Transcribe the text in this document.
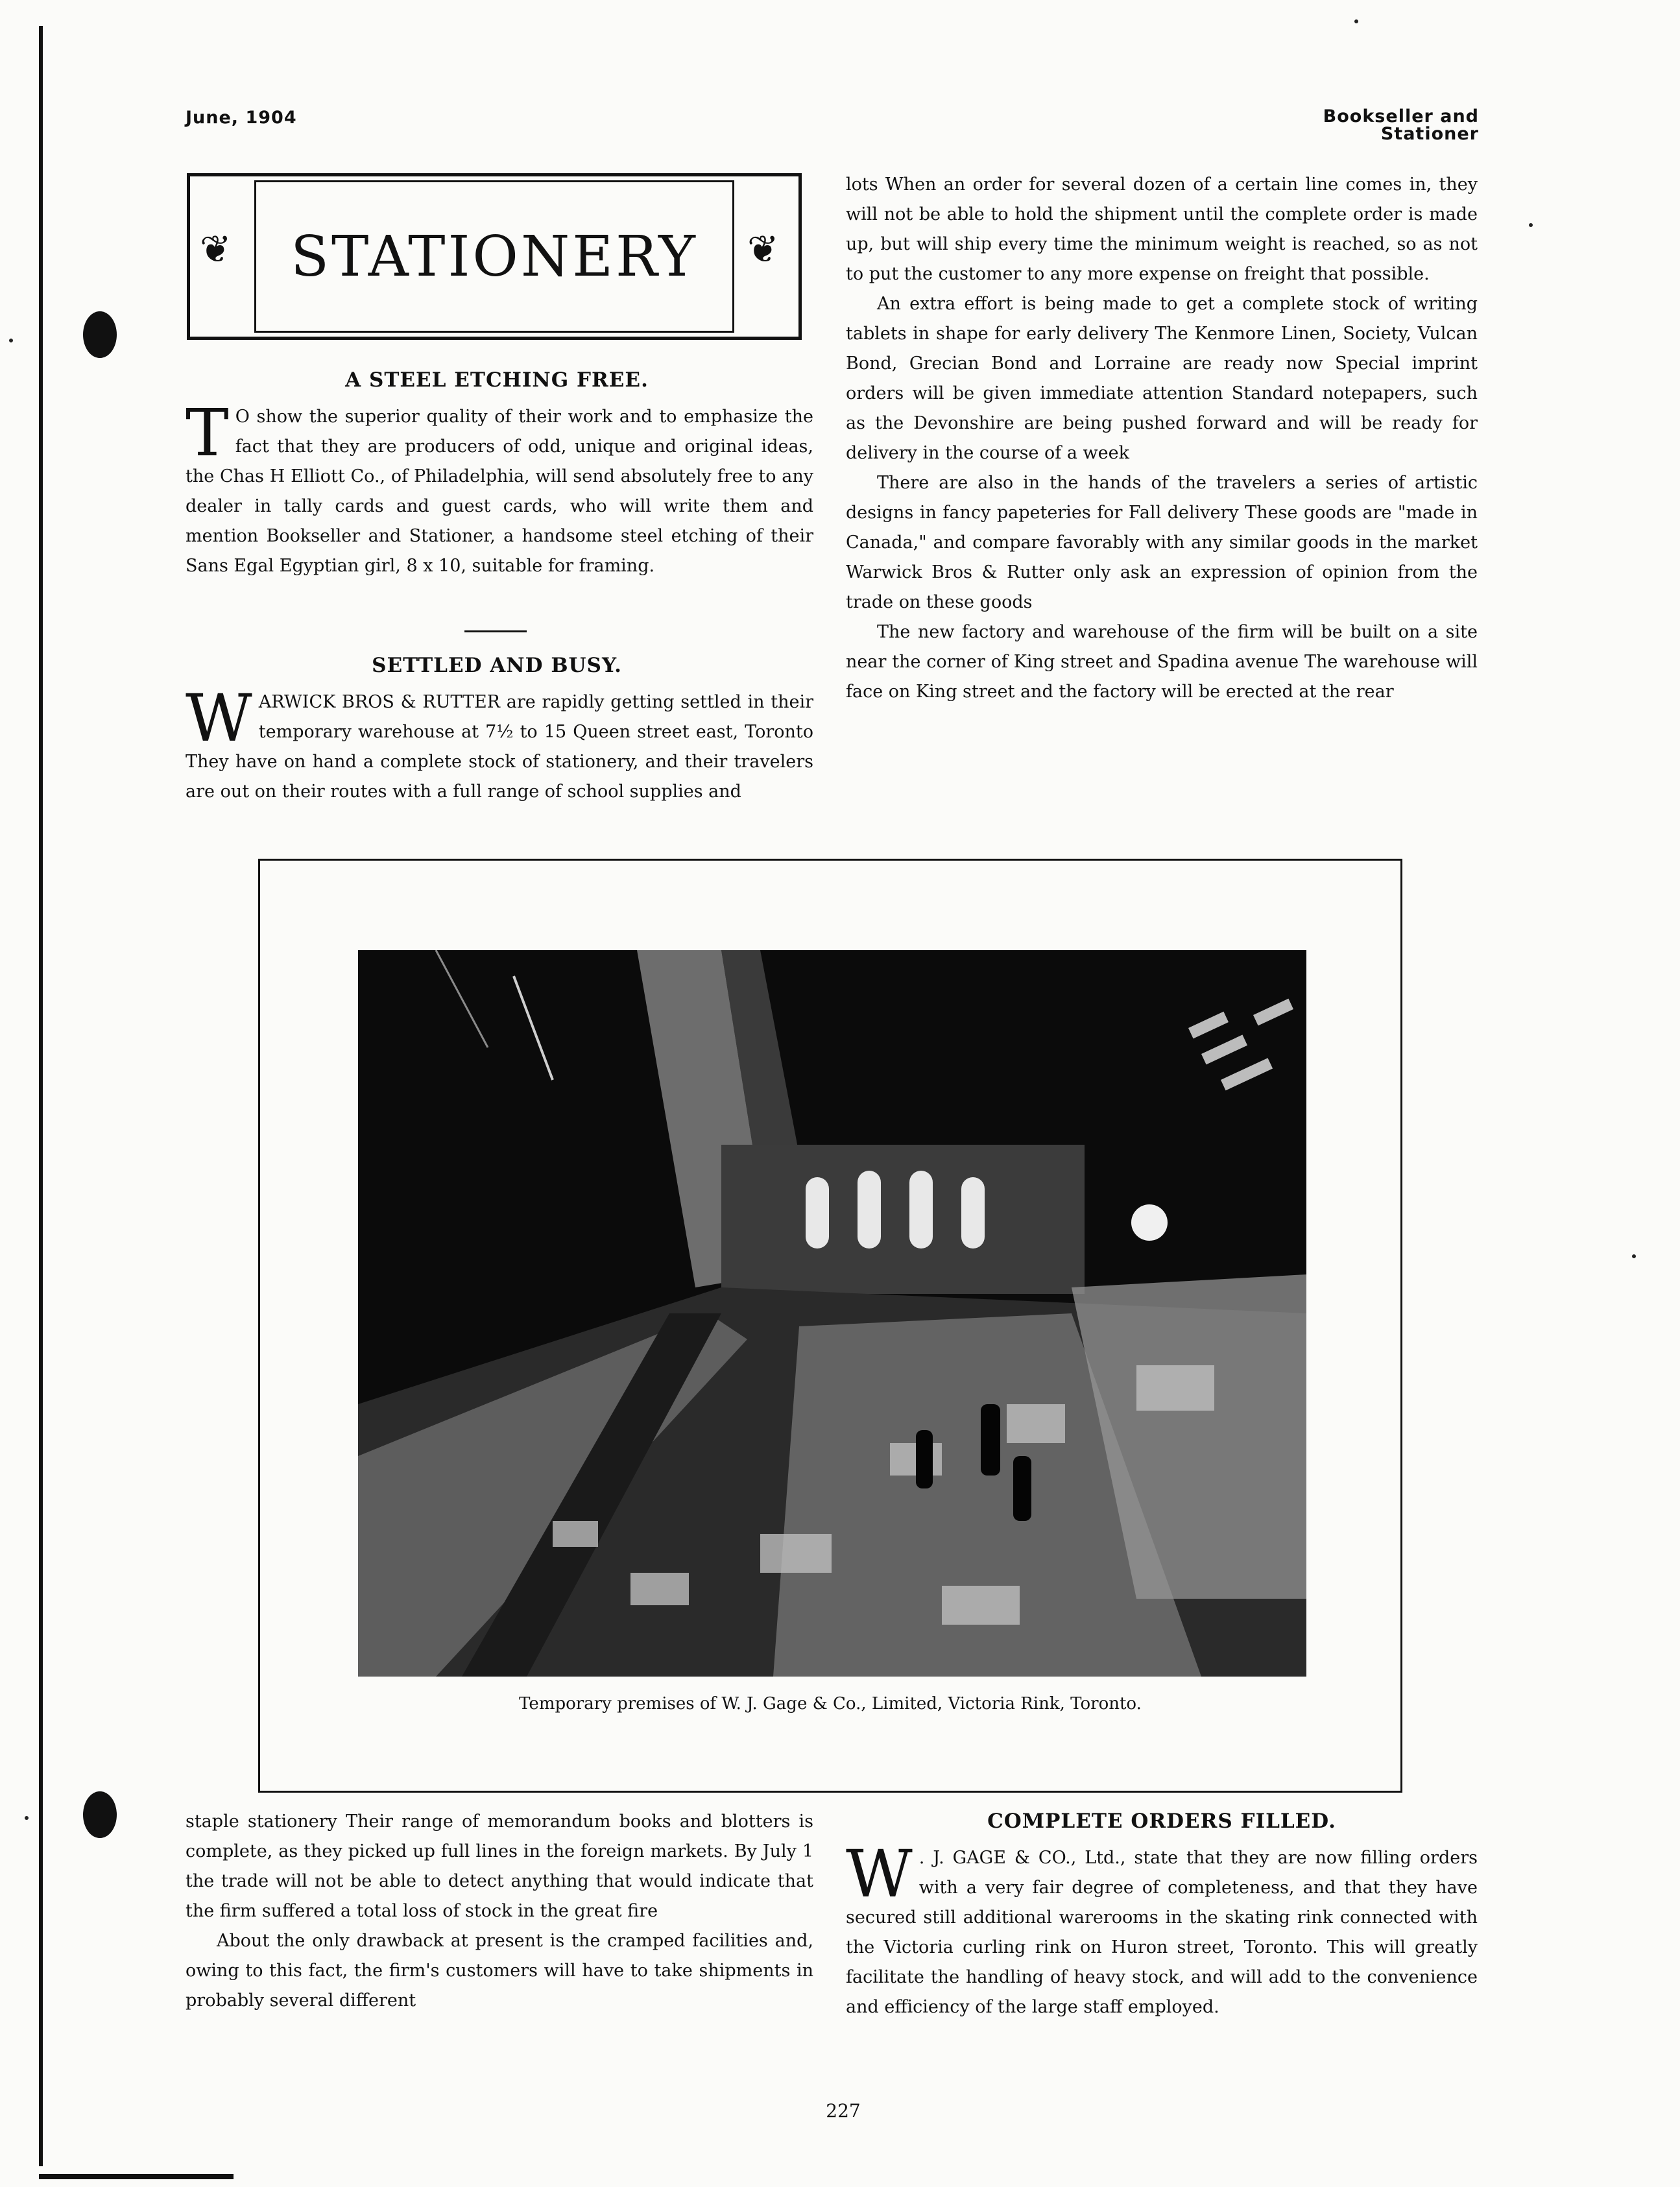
June, 1904	Bookseller and
Stationer
❦	❦
STATIONERY
A STEEL ETCHING FREE.
T O show the superior quality of their work and to emphasize the fact that they are producers of odd, unique and original ideas, the Chas H Elliott Co., of Philadelphia, will send absolutely free to any dealer in tally cards and guest cards, who will write them and mention Bookseller and Stationer, a handsome steel etching of their Sans Egal Egyptian girl, 8 x 10, suitable for framing.
SETTLED AND BUSY.
WARWICK BROS & RUTTER are rapidly getting settled in their temporary warehouse at 7½ to 15 Queen street east, Toronto They have on hand a complete stock of stationery, and their travelers are out on their routes with a full range of school supplies and

lots When an order for several dozen of a certain line comes in, they will not be able to hold the shipment until the complete order is made up, but will ship every time the minimum weight is reached, so as not to put the customer to any more expense on freight that possible.

An extra effort is being made to get a complete stock of writing tablets in shape for early delivery The Kenmore Linen, Society, Vulcan Bond, Grecian Bond and Lorraine are ready now Special imprint orders will be given immediate attention Standard notepapers, such as the Devonshire are being pushed forward and will be ready for delivery in the course of a week

There are also in the hands of the travelers a series of artistic designs in fancy papeteries for Fall delivery These goods are "made in Canada," and compare favorably with any similar goods in the market Warwick Bros & Rutter only ask an expression of opinion from the trade on these goods

The new factory and warehouse of the firm will be built on a site near the corner of King street and Spadina avenue The warehouse will face on King street and the factory will be erected at the rear

Temporary premises of W. J. Gage & Co., Limited, Victoria Rink, Toronto.

staple stationery Their range of memorandum books and blotters is complete, as they picked up full lines in the foreign markets. By July 1 the trade will not be able to detect anything that would indicate that the firm suffered a total loss of stock in the great fire

About the only drawback at present is the cramped facilities and, owing to this fact, the firm's customers will have to take shipments in probably several different

COMPLETE ORDERS FILLED.
W . J. GAGE & CO., Ltd., state that they are now filling orders with a very fair degree of completeness, and that they have secured still additional warerooms in the skating rink connected with the Victoria curling rink on Huron street, Toronto. This will greatly facilitate the handling of heavy stock, and will add to the convenience and efficiency of the large staff employed.
227
